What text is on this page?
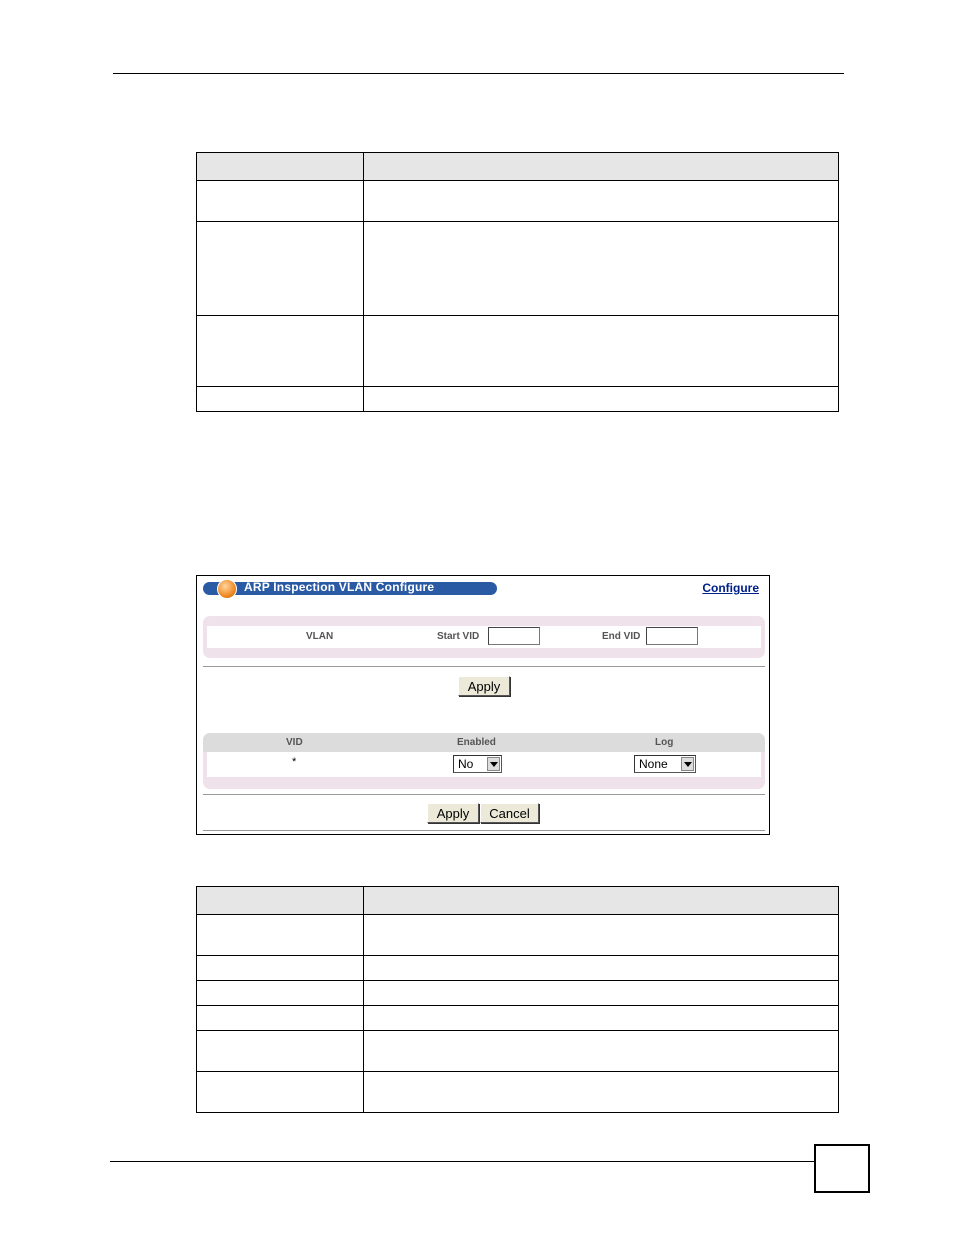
ARP Inspection VLAN Configure	Configure
VLAN	Start VID	End VID
Apply
VID	Enabled	Log
*	No	None
Apply	Cancel
